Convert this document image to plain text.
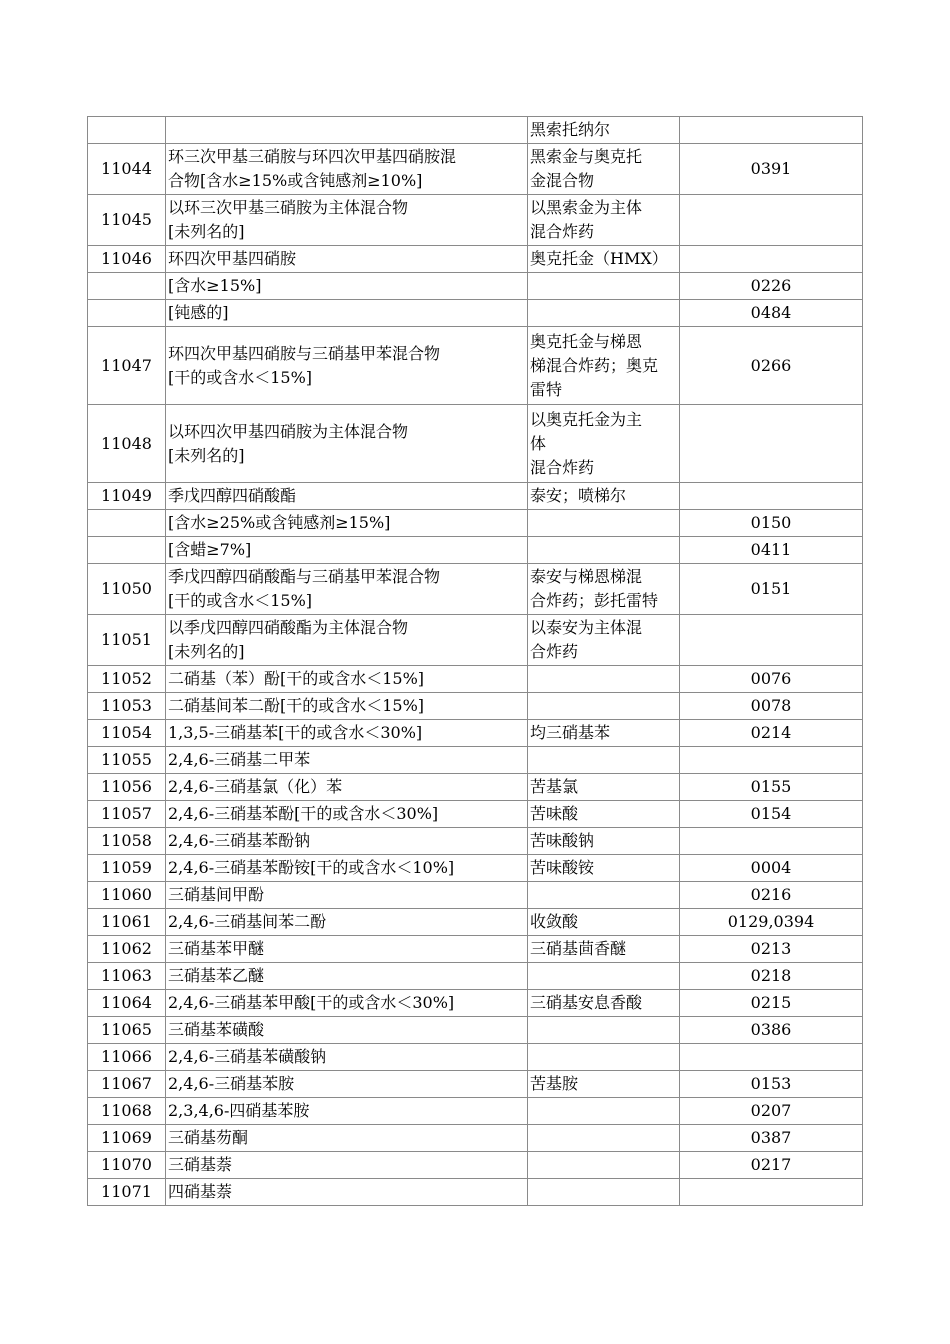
		黑索托纳尔	
11044	环三次甲基三硝胺与环四次甲基四硝胺混
合物[含水≥15%或含钝感剂≥10%]	黑索金与奥克托
金混合物	0391
11045	以环三次甲基三硝胺为主体混合物
[未列名的]	以黑索金为主体
混合炸药	
11046	环四次甲基四硝胺	奥克托金（HMX）	
	[含水≥15%]		0226
	[钝感的]		0484
11047	环四次甲基四硝胺与三硝基甲苯混合物
[干的或含水＜15%]	奥克托金与梯恩
梯混合炸药；奥克
雷特	0266
11048	以环四次甲基四硝胺为主体混合物
[未列名的]	以奥克托金为主
体
混合炸药	
11049	季戊四醇四硝酸酯	泰安；喷梯尔	
	[含水≥25%或含钝感剂≥15%]		0150
	[含蜡≥7%]		0411
11050	季戊四醇四硝酸酯与三硝基甲苯混合物
[干的或含水＜15%]	泰安与梯恩梯混
合炸药；彭托雷特	0151
11051	以季戊四醇四硝酸酯为主体混合物
[未列名的]	以泰安为主体混
合炸药	
11052	二硝基（苯）酚[干的或含水＜15%]		0076
11053	二硝基间苯二酚[干的或含水＜15%]		0078
11054	1,3,5-三硝基苯[干的或含水＜30%]	均三硝基苯	0214
11055	2,4,6-三硝基二甲苯		
11056	2,4,6-三硝基氯（化）苯	苦基氯	0155
11057	2,4,6-三硝基苯酚[干的或含水＜30%]	苦味酸	0154
11058	2,4,6-三硝基苯酚钠	苦味酸钠	
11059	2,4,6-三硝基苯酚铵[干的或含水＜10%]	苦味酸铵	0004
11060	三硝基间甲酚		0216
11061	2,4,6-三硝基间苯二酚	收敛酸	0129,0394
11062	三硝基苯甲醚	三硝基茴香醚	0213
11063	三硝基苯乙醚		0218
11064	2,4,6-三硝基苯甲酸[干的或含水＜30%]	三硝基安息香酸	0215
11065	三硝基苯磺酸		0386
11066	2,4,6-三硝基苯磺酸钠		
11067	2,4,6-三硝基苯胺	苦基胺	0153
11068	2,3,4,6-四硝基苯胺		0207
11069	三硝基芴酮		0387
11070	三硝基萘		0217
11071	四硝基萘		
